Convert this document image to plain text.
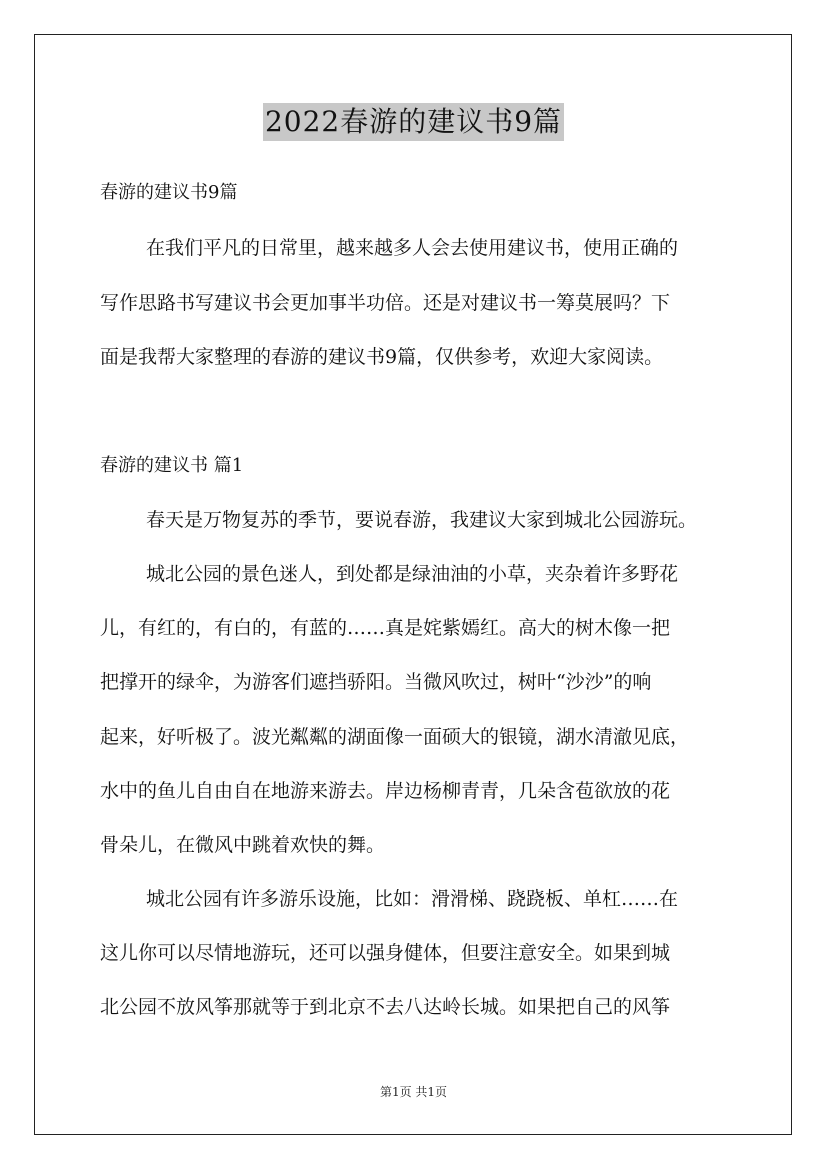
2022春游的建议书9篇
春游的建议书9篇
在我们平凡的日常里，越来越多人会去使用建议书，使用正确的
写作思路书写建议书会更加事半功倍。还是对建议书一筹莫展吗？下
面是我帮大家整理的春游的建议书9篇，仅供参考，欢迎大家阅读。
春游的建议书 篇1
春天是万物复苏的季节，要说春游，我建议大家到城北公园游玩。
城北公园的景色迷人，到处都是绿油油的小草，夹杂着许多野花
儿，有红的，有白的，有蓝的……真是姹紫嫣红。高大的树木像一把
把撑开的绿伞，为游客们遮挡骄阳。当微风吹过，树叶“沙沙”的响
起来，好听极了。波光粼粼的湖面像一面硕大的银镜，湖水清澈见底，
水中的鱼儿自由自在地游来游去。岸边杨柳青青，几朵含苞欲放的花
骨朵儿，在微风中跳着欢快的舞。
城北公园有许多游乐设施，比如：滑滑梯、跷跷板、单杠……在
这儿你可以尽情地游玩，还可以强身健体，但要注意安全。如果到城
北公园不放风筝那就等于到北京不去八达岭长城。如果把自己的风筝
第1页 共1页
